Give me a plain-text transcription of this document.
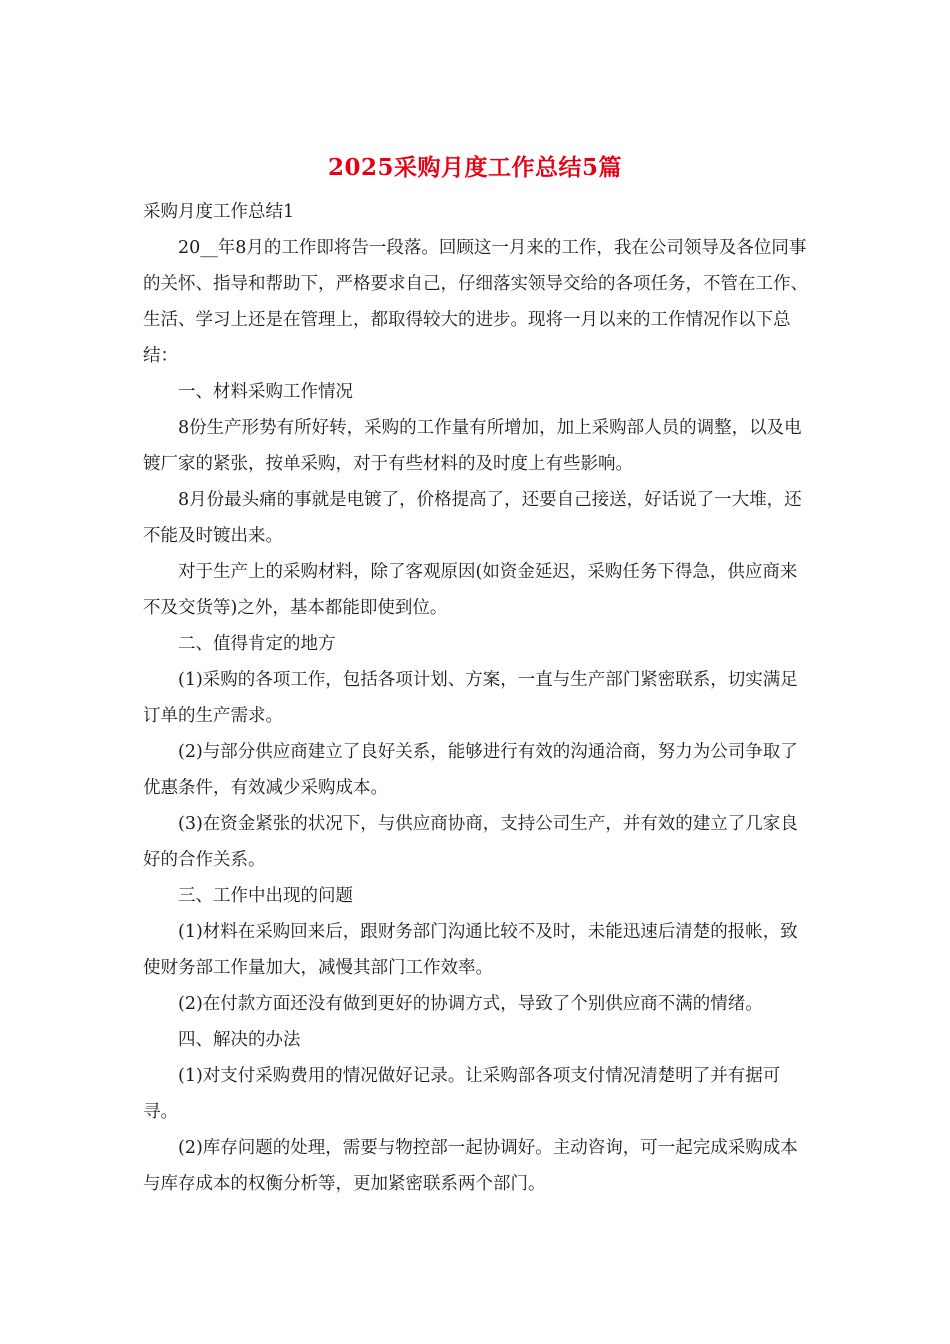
2025采购月度工作总结5篇

采购月度工作总结1

20__年8月的工作即将告一段落。回顾这一月来的工作，我在公司领导及各位同事的关怀、指导和帮助下，严格要求自己，仔细落实领导交给的各项任务，不管在工作、生活、学习上还是在管理上，都取得较大的进步。现将一月以来的工作情况作以下总结：

一、材料采购工作情况

8份生产形势有所好转，采购的工作量有所增加，加上采购部人员的调整，以及电镀厂家的紧张，按单采购，对于有些材料的及时度上有些影响。

8月份最头痛的事就是电镀了，价格提高了，还要自己接送，好话说了一大堆，还不能及时镀出来。

对于生产上的采购材料，除了客观原因(如资金延迟，采购任务下得急，供应商来不及交货等)之外，基本都能即使到位。

二、值得肯定的地方

(1)采购的各项工作，包括各项计划、方案，一直与生产部门紧密联系，切实满足订单的生产需求。

(2)与部分供应商建立了良好关系，能够进行有效的沟通洽商，努力为公司争取了优惠条件，有效减少采购成本。

(3)在资金紧张的状况下，与供应商协商，支持公司生产，并有效的建立了几家良好的合作关系。

三、工作中出现的问题

(1)材料在采购回来后，跟财务部门沟通比较不及时，未能迅速后清楚的报帐，致使财务部工作量加大，减慢其部门工作效率。

(2)在付款方面还没有做到更好的协调方式，导致了个别供应商不满的情绪。

四、解决的办法

(1)对支付采购费用的情况做好记录。让采购部各项支付情况清楚明了并有据可寻。

(2)库存问题的处理，需要与物控部一起协调好。主动咨询，可一起完成采购成本与库存成本的权衡分析等，更加紧密联系两个部门。
